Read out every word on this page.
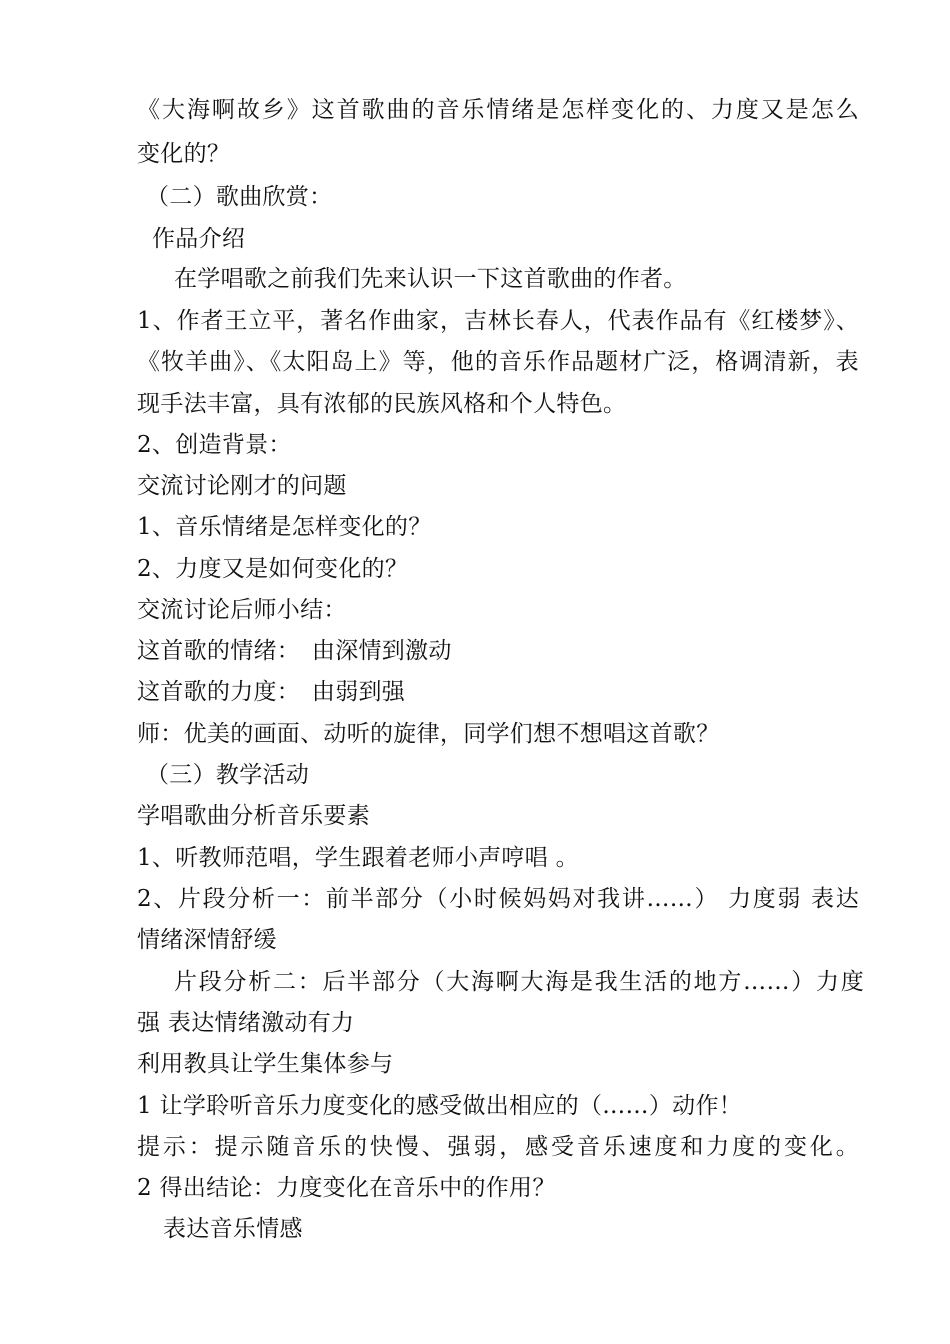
《大海啊故乡》这首歌曲的音乐情绪是怎样变化的、力度又是怎么
变化的？
（二）歌曲欣赏：
作品介绍
在学唱歌之前我们先来认识一下这首歌曲的作者。
1、作者王立平，著名作曲家，吉林长春人，代表作品有《红楼梦》、
《牧羊曲》、《太阳岛上》等，他的音乐作品题材广泛，格调清新，表
现手法丰富，具有浓郁的民族风格和个人特色。
2、创造背景：
交流讨论刚才的问题
1、音乐情绪是怎样变化的？
2、力度又是如何变化的？
交流讨论后师小结：
这首歌的情绪：　由深情到激动
这首歌的力度：　由弱到强
师：优美的画面、动听的旋律，同学们想不想唱这首歌？
（三）教学活动
学唱歌曲分析音乐要素
1、听教师范唱，学生跟着老师小声哼唱 。
2、片段分析一：前半部分（小时候妈妈对我讲……） 力度弱 表达
情绪深情舒缓
片段分析二：后半部分（大海啊大海是我生活的地方……）力度
强 表达情绪激动有力
利用教具让学生集体参与
1 让学聆听音乐力度变化的感受做出相应的（……）动作！
提示：提示随音乐的快慢、强弱，感受音乐速度和力度的变化。
2 得出结论：力度变化在音乐中的作用？
表达音乐情感
